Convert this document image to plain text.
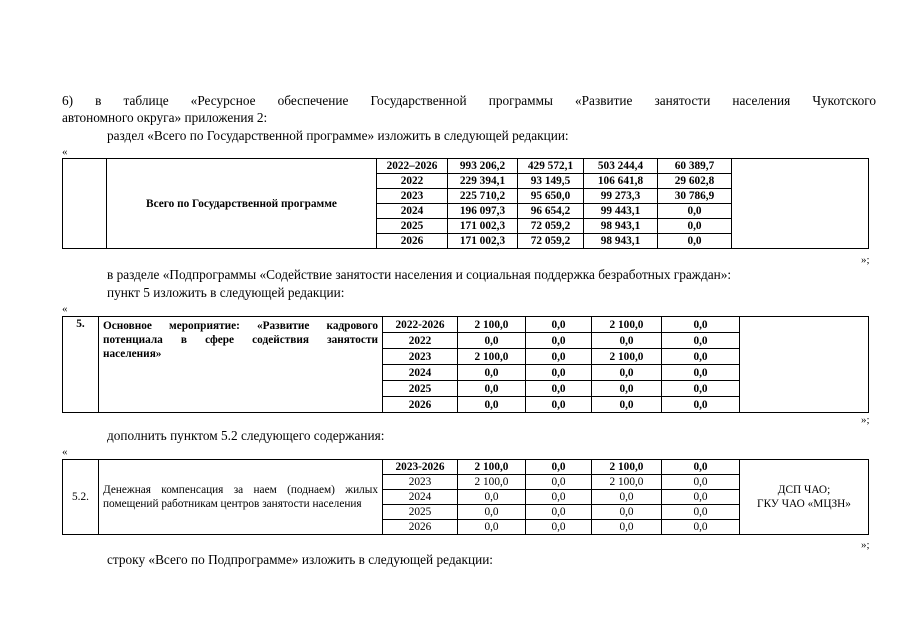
6) в таблице «Ресурсное обеспечение Государственной программы «Развитие занятости населения Чукотского
автономного округа» приложения 2:
раздел «Всего по Государственной программе» изложить в следующей редакции:
«
	Всего по Государственной программе	2022–2026	993 206,2	429 572,1	503 244,4	60 389,7	
		2022	229 394,1	93 149,5	106 641,8	29 602,8	
		2023	225 710,2	95 650,0	99 273,3	30 786,9	
		2024	196 097,3	96 654,2	99 443,1	0,0	
		2025	171 002,3	72 059,2	98 943,1	0,0	
		2026	171 002,3	72 059,2	98 943,1	0,0	
»;
в разделе «Подпрограммы «Содействие занятости населения и социальная поддержка безработных граждан»:
пункт 5 изложить в следующей редакции:
«
5.	Основное мероприятие: «Развитие кадрового потенциала в сфере содействия занятости населения»	2022-2026	2 100,0	0,0	2 100,0	0,0	
		2022	0,0	0,0	0,0	0,0	
		2023	2 100,0	0,0	2 100,0	0,0	
		2024	0,0	0,0	0,0	0,0	
		2025	0,0	0,0	0,0	0,0	
		2026	0,0	0,0	0,0	0,0	
»;
дополнить пунктом 5.2 следующего содержания:
«
5.2.	Денежная компенсация за наем (поднаем) жилых помещений работникам центров занятости населения	2023-2026	2 100,0	0,0	2 100,0	0,0	ДСП ЧАО;
ГКУ ЧАО «МЦЗН»

		2023	2 100,0	0,0	2 100,0	0,0	
		2024	0,0	0,0	0,0	0,0	
		2025	0,0	0,0	0,0	0,0	
		2026	0,0	0,0	0,0	0,0	
»;
строку «Всего по Подпрограмме» изложить в следующей редакции:
